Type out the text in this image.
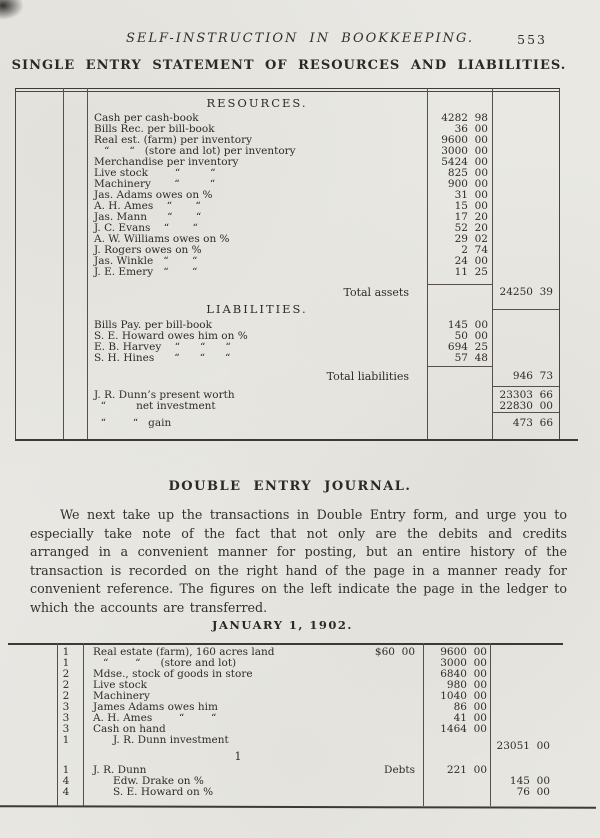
SELF-INSTRUCTION IN BOOKKEEPING.	553
SINGLE ENTRY STATEMENT OF RESOURCES AND LIABILITIES.
RESOURCES.
Cash per cash-book	4282  98
Bills Rec. per bill-book	36  00
Real est. (farm) per inventory	9600  00
“      “   (store and lot) per inventory	3000  00
Merchandise per inventory	5424  00
Live stock        “         “	825  00
Machinery       “         “	900  00
Jas. Adams owes on %	31  00
A. H. Ames    “       “	15  00
Jas. Mann      “       “	17  20
J. C. Evans    “       “	52  20
A. W. Williams owes on %	29  02
J. Rogers owes on %	2  74
Jas. Winkle   “       “	24  00
J. E. Emery   “       “	11  25
Total assets	24250  39
LIABILITIES.
Bills Pay. per bill-book	145  00
S. E. Howard owes him on %	50  00
E. B. Harvey    “      “      “	694  25
S. H. Hines      “      “      “	57  48
Total liabilities	946  73
J. R. Dunn’s present worth	23303  66
“         net investment	22830  00
“        “   gain	473  66
DOUBLE ENTRY JOURNAL.
We next take up the transactions in Double Entry form, and urge you to especially take note of the fact that not only are the debits and credits arranged in a convenient manner for posting, but an entire history of the transaction is recorded on the right hand of the page in a manner ready for convenient reference. The figures on the left indicate the page in the ledger to which the accounts are transferred.
JANUARY 1, 1902.
1	Real estate (farm), 160 acres land	$60  00 9600  00
1	“        “      (store and lot)	3000  00
2	Mdse., stock of goods in store	6840  00
2	Live stock	980  00
2	Machinery	1040  00
3	James Adams owes him	86  00
3	A. H. Ames        “        “	41  00
3	Cash on hand	1464  00
1	J. R. Dunn investment	23051  00
1
1	J. R. Dunn	Debts	221  00
4	Edw. Drake on %	145  00
4	S. E. Howard on %	76  00
